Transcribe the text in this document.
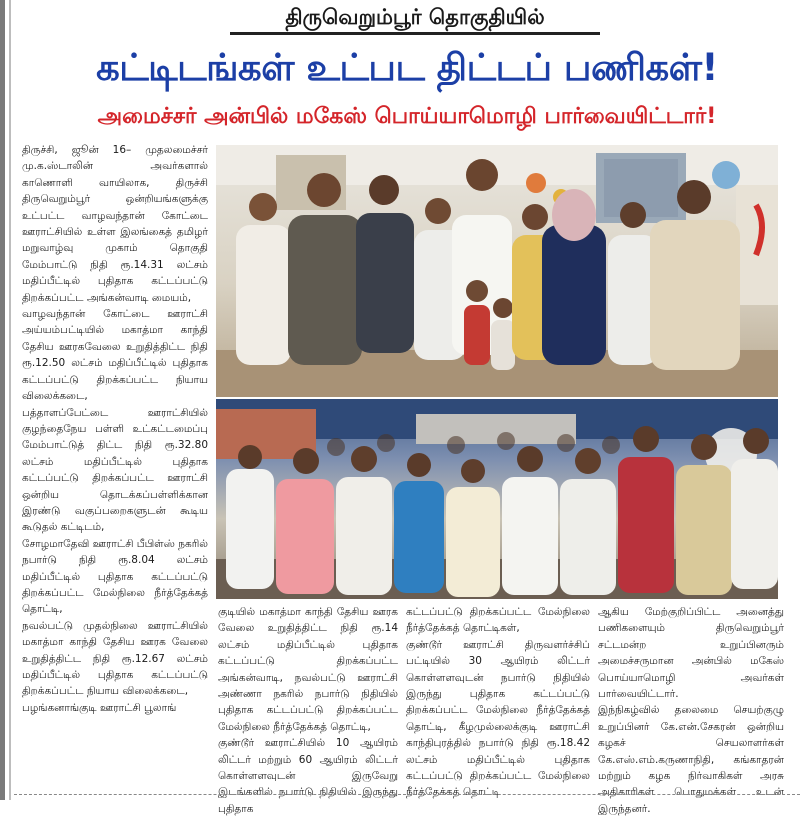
திருவெறும்பூர் தொகுதியில்
கட்டிடங்கள் உட்பட திட்டப் பணிகள்!
அமைச்சர் அன்பில் மகேஸ் பொய்யாமொழி பார்வையிட்டார்!

திருச்சி, ஜூன் 16– முதலமைச்சர் மு.க.ஸ்டாலின் அவர்களால் காணொளி வாயிலாக, திருச்சி திருவெறும்பூர் ஒன்றியங்களுக்கு உட்பட்ட வாழவந்தான் கோட்டை ஊராட்சியில் உள்ள இலங்கைத் தமிழர் மறுவாழ்வு முகாம் தொகுதி மேம்பாட்டு நிதி ரூ.14.31 லட்சம் மதிப்பீட்டில் புதிதாக கட்டப்பட்டு திறக்கப்பட்ட அங்கன்வாடி மையம்,

வாழவந்தான் கோட்டை ஊராட்சி அய்யம்பட்டியில் மகாத்மா காந்தி தேசிய ஊரகவேலை உறுதித்திட்ட நிதி ரூ.12.50 லட்சம் மதிப்பீட்டில் புதிதாக கட்டப்பட்டு திறக்கப்பட்ட நியாய விலைக்கடை,

பத்தாளப்பேட்டை ஊராட்சியில் குழந்தைநேய பள்ளி உட்கட்டமைப்பு மேம்பாட்டுத் திட்ட நிதி ரூ.32.80 லட்சம் மதிப்பீட்டில் புதிதாக கட்டப்பட்டு திறக்கப்பட்ட ஊராட்சி ஒன்றிய தொடக்கப்பள்ளிக்கான இரண்டு வகுப்பறைகளுடன் கூடிய கூடுதல் கட்டிடம்,

சோழமாதேவி ஊராட்சி பீபிள்ஸ் நகரில் நபார்டு நிதி ரூ.8.04 லட்சம் மதிப்பீட்டில் புதிதாக கட்டப்பட்டு திறக்கப்பட்ட மேல்நிலை நீர்த்தேக்கத் தொட்டி,

நவல்பட்டு முதல்நிலை ஊராட்சியில் மகாத்மா காந்தி தேசிய ஊரக வேலை உறுதித்திட்ட நிதி ரூ.12.67 லட்சம் மதிப்பீட்டில் புதிதாக கட்டப்பட்டு திறக்கப்பட்ட நியாய விலைக்கடை,

பழங்கனாங்குடி ஊராட்சி பூலாங்

குடியில் மகாத்மா காந்தி தேசிய ஊரக வேலை உறுதித்திட்ட நிதி ரூ.14 லட்சம் மதிப்பீட்டில் புதிதாக கட்டப்பட்டு திறக்கப்பட்ட அங்கன்வாடி, நவல்பட்டு ஊராட்சி அண்ணா நகரில் நபார்டு நிதியில் புதிதாக கட்டப்பட்டு திறக்கப்பட்ட மேல்நிலை நீர்த்தேக்கத் தொட்டி,

குண்டூர் ஊராட்சியில் 10 ஆயிரம் லிட்டர் மற்றும் 60 ஆயிரம் லிட்டர் கொள்ளளவுடன் இருவேறு இடங்களில் நபார்டு நிதியில் இருந்து புதிதாக

கட்டப்பட்டு திறக்கப்பட்ட மேல்நிலை நீர்த்தேக்கத் தொட்டிகள்,

குண்டூர் ஊராட்சி திருவளர்ச்சிப் பட்டியில் 30 ஆயிரம் லிட்டர் கொள்ளளவுடன் நபார்டு நிதியில் இருந்து புதிதாக கட்டப்பட்டு திறக்கப்பட்ட மேல்நிலை நீர்த்தேக்கத் தொட்டி, கீழமுல்லைக்குடி ஊராட்சி காந்திபுரத்தில் நபார்டு நிதி ரூ.18.42 லட்சம் மதிப்பீட்டில் புதிதாக கட்டப்பட்டு திறக்கப்பட்ட மேல்நிலை நீர்த்தேக்கத் தொட்டி

ஆகிய மேற்குறிப்பிட்ட அனைத்து பணிகளையும் திருவெறும்பூர் சட்டமன்ற உறுப்பினரும் அமைச்சருமான அன்பில் மகேஸ் பொய்யாமொழி அவர்கள் பார்வையிட்டார்.

இந்நிகழ்வில் தலைமை செயற்குழு உறுப்பினர் கே.என்.சேகரன் ஒன்றிய கழகச் செயலாளர்கள் கே.எஸ்.எம்.கருணாநிதி, கங்காதரன் மற்றும் கழக நிர்வாகிகள் அரசு அதிகாரிகள் பொதுமக்கள் உடன் இருந்தனர்.
